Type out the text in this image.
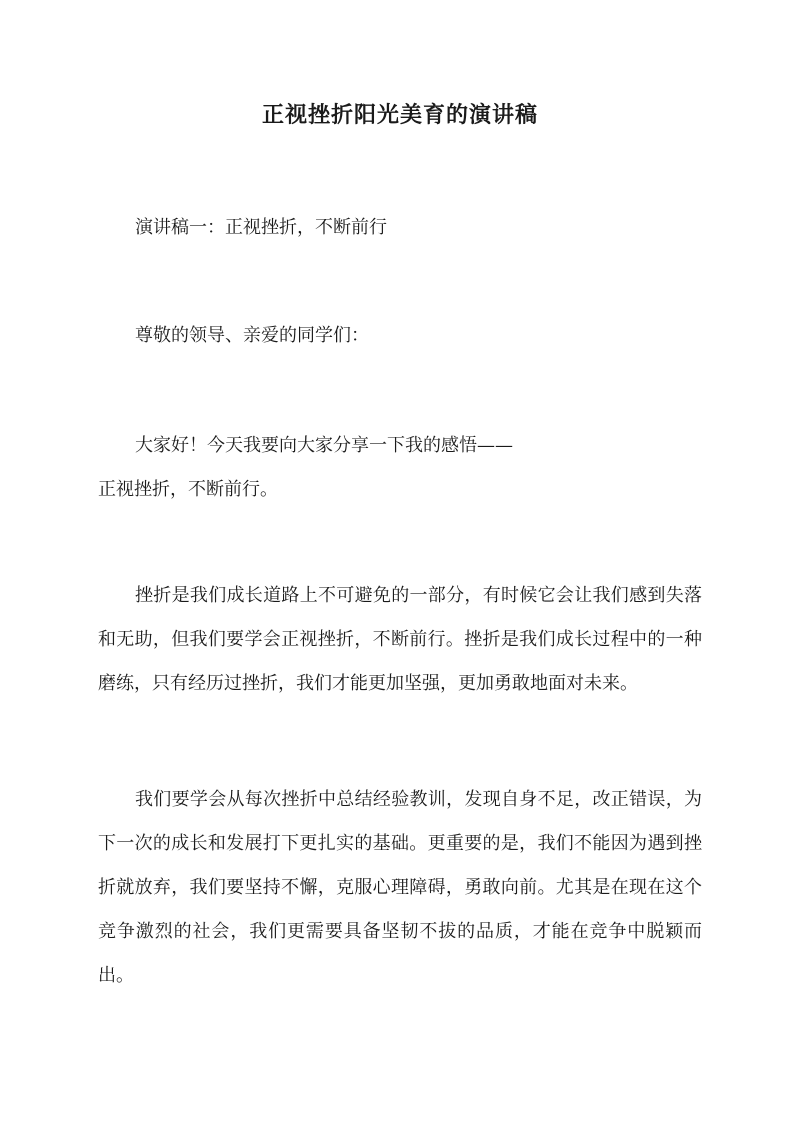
正视挫折阳光美育的演讲稿

演讲稿一：正视挫折，不断前行

尊敬的领导、亲爱的同学们：

大家好！今天我要向大家分享一下我的感悟——
正视挫折，不断前行。

挫折是我们成长道路上不可避免的一部分，有时候它会让我们感到失落和无助，但我们要学会正视挫折，不断前行。挫折是我们成长过程中的一种磨练，只有经历过挫折，我们才能更加坚强，更加勇敢地面对未来。

我们要学会从每次挫折中总结经验教训，发现自身不足，改正错误，为下一次的成长和发展打下更扎实的基础。更重要的是，我们不能因为遇到挫折就放弃，我们要坚持不懈，克服心理障碍，勇敢向前。尤其是在现在这个竞争激烈的社会，我们更需要具备坚韧不拔的品质，才能在竞争中脱颖而出。
